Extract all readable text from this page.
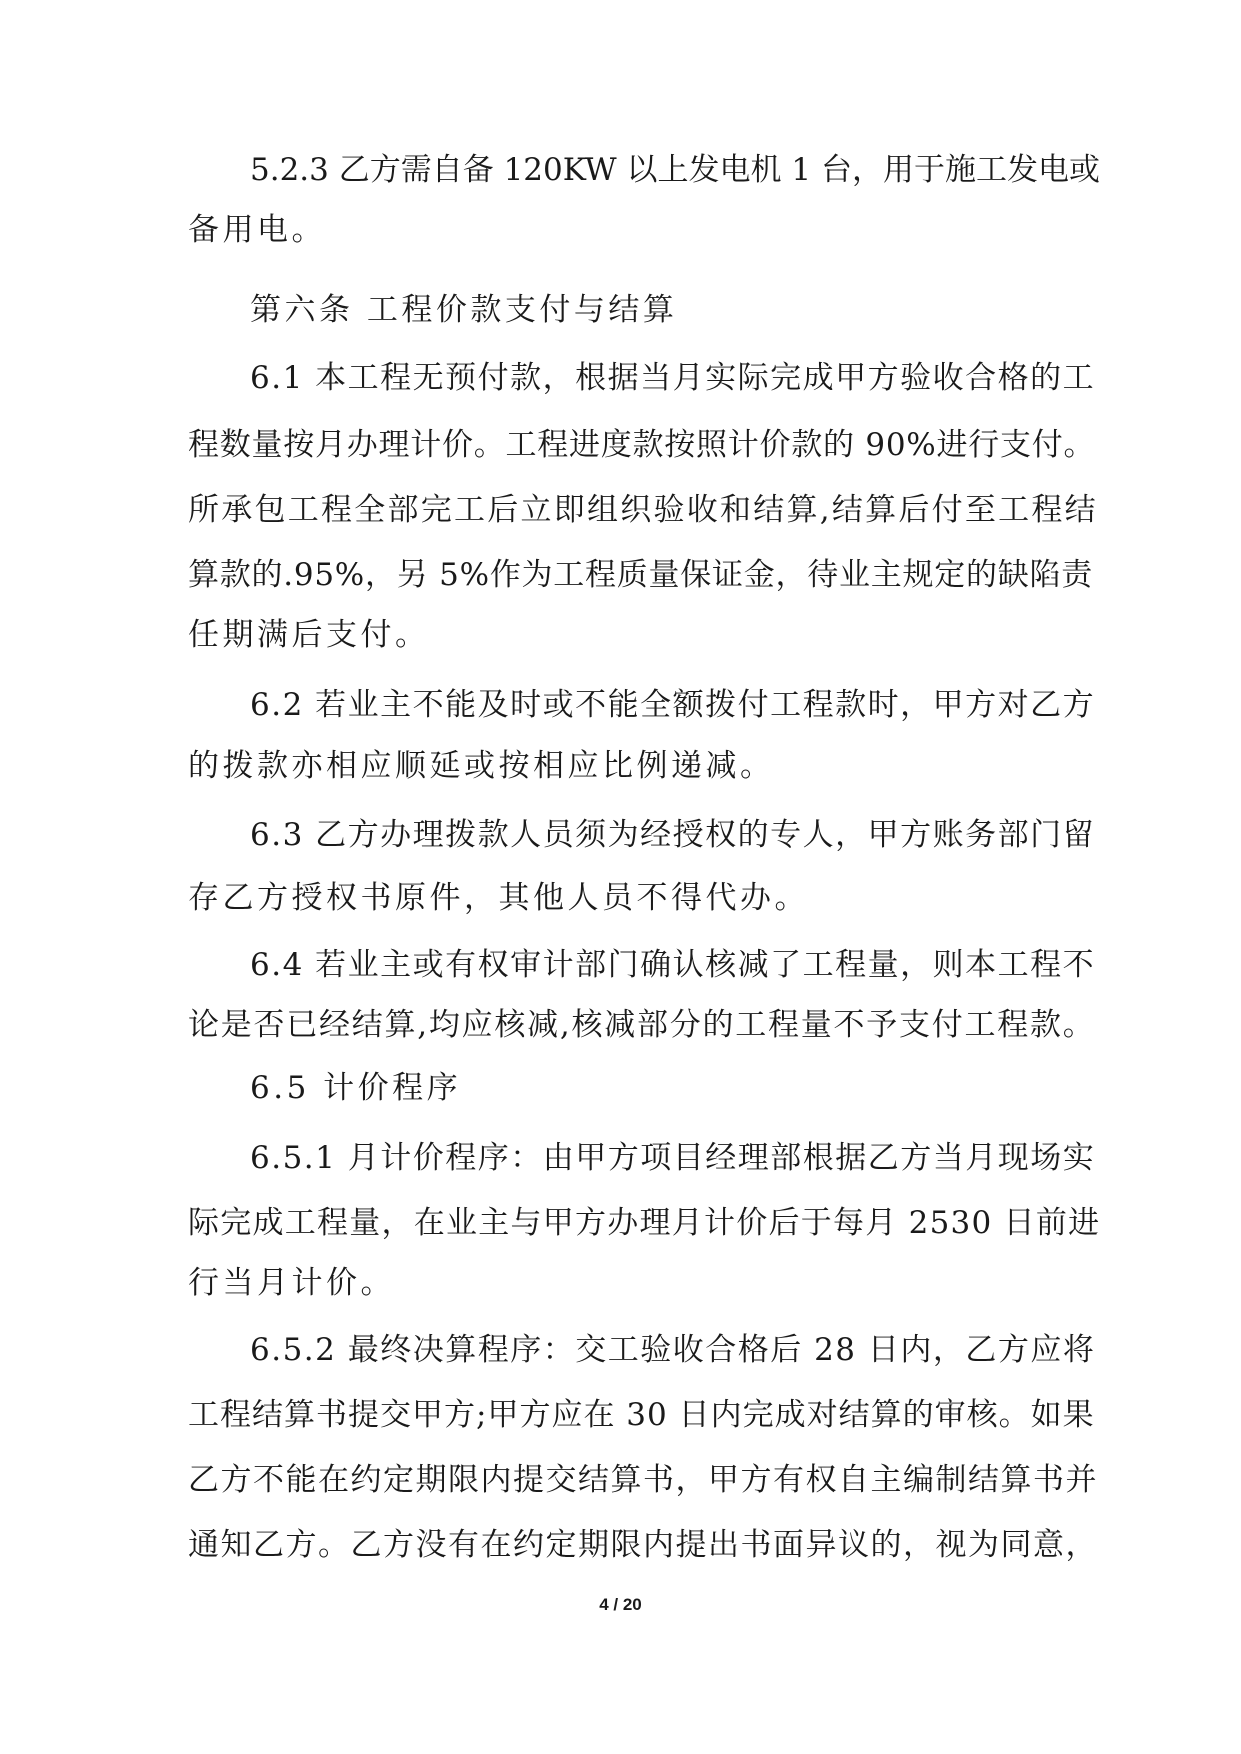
5.2.3 乙方需自备 120KW 以上发电机 1 台，用于施工发电或
备用电。
第六条 工程价款支付与结算
6.1 本工程无预付款，根据当月实际完成甲方验收合格的工
程数量按月办理计价。工程进度款按照计价款的 90%进行支付。
所承包工程全部完工后立即组织验收和结算,结算后付至工程结
算款的.95%，另 5%作为工程质量保证金，待业主规定的缺陷责
任期满后支付。
6.2 若业主不能及时或不能全额拨付工程款时，甲方对乙方
的拨款亦相应顺延或按相应比例递减。
6.3 乙方办理拨款人员须为经授权的专人，甲方账务部门留
存乙方授权书原件，其他人员不得代办。
6.4 若业主或有权审计部门确认核减了工程量，则本工程不
论是否已经结算,均应核减,核减部分的工程量不予支付工程款。
6.5 计价程序
6.5.1 月计价程序：由甲方项目经理部根据乙方当月现场实
际完成工程量，在业主与甲方办理月计价后于每月 2530 日前进
行当月计价。
6.5.2 最终决算程序：交工验收合格后 28 日内，乙方应将
工程结算书提交甲方;甲方应在 30 日内完成对结算的审核。如果
乙方不能在约定期限内提交结算书，甲方有权自主编制结算书并
通知乙方。乙方没有在约定期限内提出书面异议的，视为同意，
4 / 20
